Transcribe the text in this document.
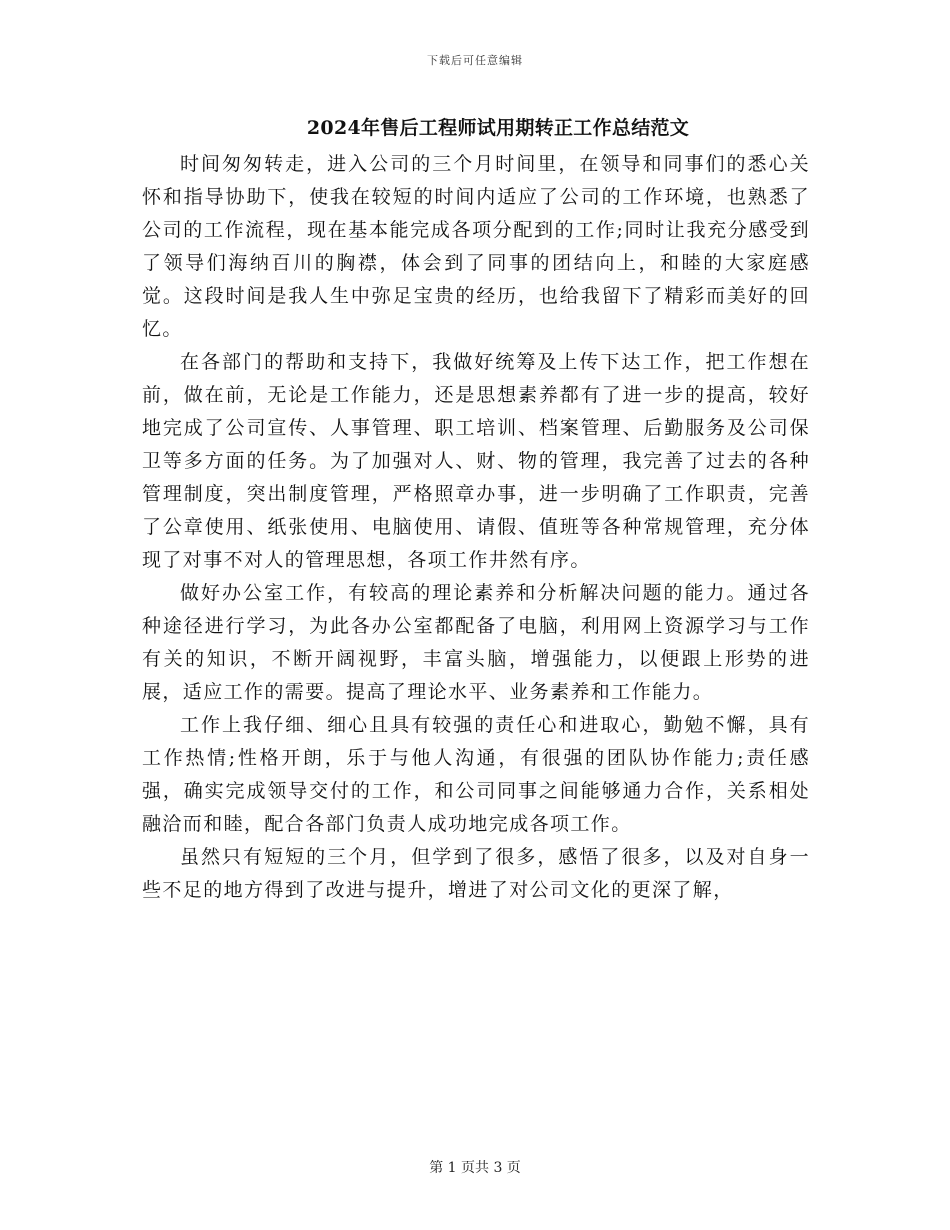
下载后可任意编辑
2024年售后工程师试用期转正工作总结范文

时间匆匆转走，进入公司的三个月时间里，在领导和同事们的悉心关怀和指导协助下，使我在较短的时间内适应了公司的工作环境，也熟悉了公司的工作流程，现在基本能完成各项分配到的工作;同时让我充分感受到了领导们海纳百川的胸襟，体会到了同事的团结向上，和睦的大家庭感觉。这段时间是我人生中弥足宝贵的经历，也给我留下了精彩而美好的回忆。

在各部门的帮助和支持下，我做好统筹及上传下达工作，把工作想在前，做在前，无论是工作能力，还是思想素养都有了进一步的提高，较好地完成了公司宣传、人事管理、职工培训、档案管理、后勤服务及公司保卫等多方面的任务。为了加强对人、财、物的管理，我完善了过去的各种管理制度，突出制度管理，严格照章办事，进一步明确了工作职责，完善了公章使用、纸张使用、电脑使用、请假、值班等各种常规管理，充分体现了对事不对人的管理思想，各项工作井然有序。

做好办公室工作，有较高的理论素养和分析解决问题的能力。通过各种途径进行学习，为此各办公室都配备了电脑，利用网上资源学习与工作有关的知识，不断开阔视野，丰富头脑，增强能力，以便跟上形势的进展，适应工作的需要。提高了理论水平、业务素养和工作能力。

工作上我仔细、细心且具有较强的责任心和进取心，勤勉不懈，具有工作热情;性格开朗，乐于与他人沟通，有很强的团队协作能力;责任感强，确实完成领导交付的工作，和公司同事之间能够通力合作，关系相处融洽而和睦，配合各部门负责人成功地完成各项工作。

虽然只有短短的三个月，但学到了很多，感悟了很多，以及对自身一些不足的地方得到了改进与提升，增进了对公司文化的更深了解，

第 1 页共 3 页
